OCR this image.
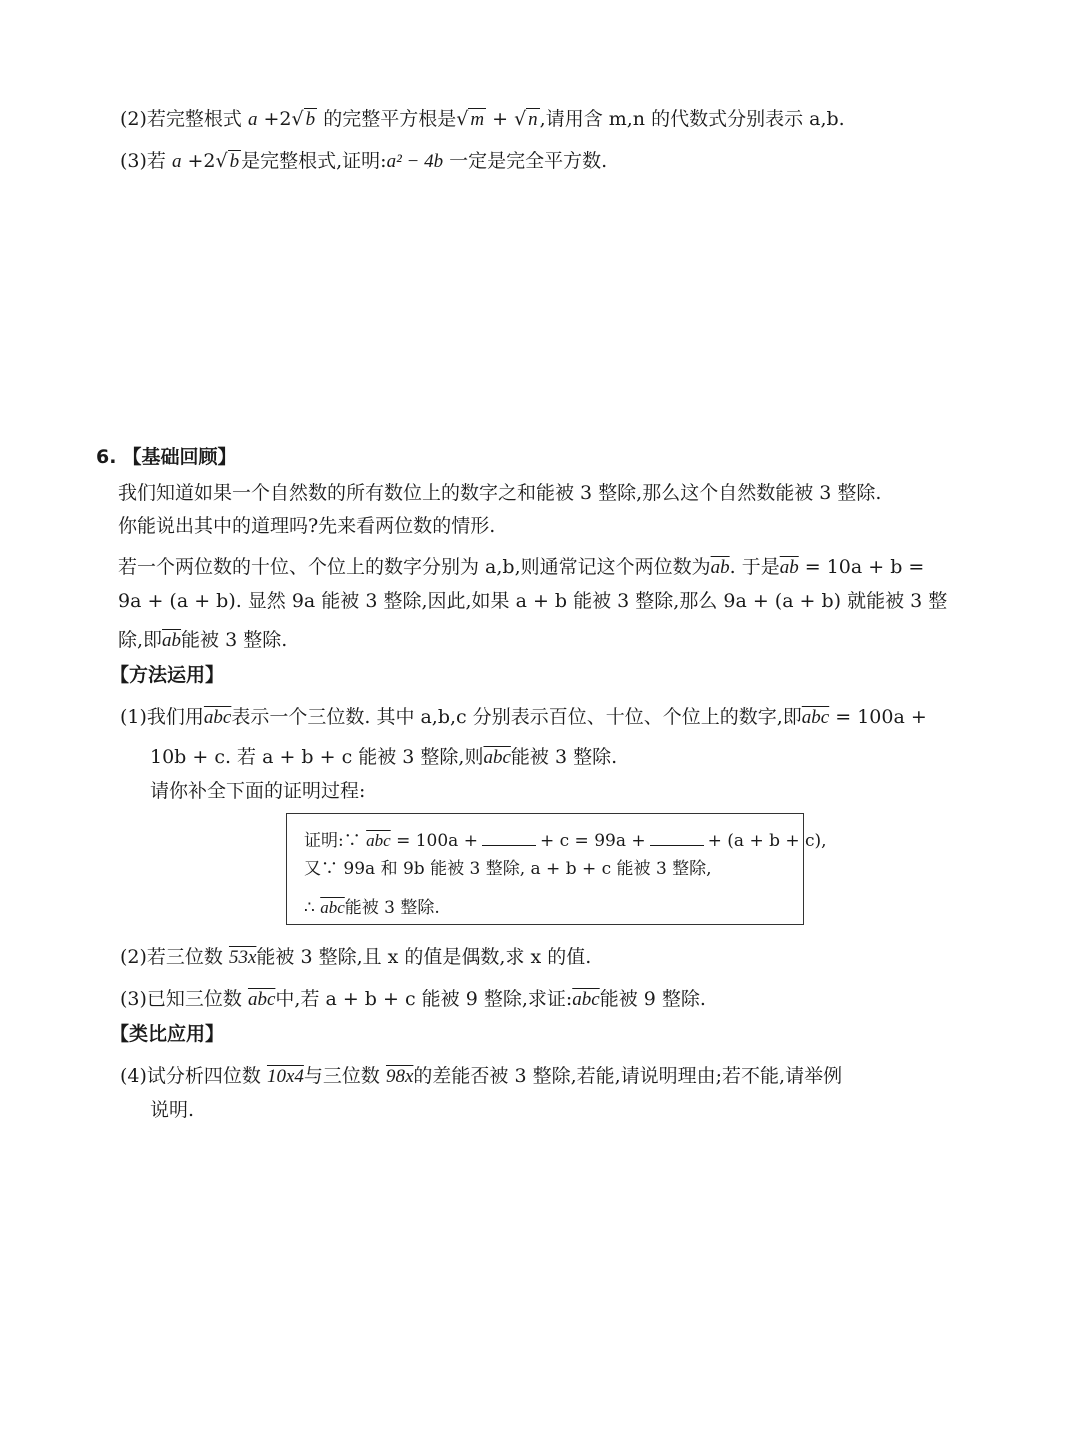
(2)若完整根式 a +2√ b 的完整平方根是√ m + √ n ,请用含 m,n 的代数式分别表示 a,b.
(3)若 a +2√ b 是完整根式,证明:a² − 4b 一定是完全平方数.
6. 【基础回顾】
我们知道如果一个自然数的所有数位上的数字之和能被 3 整除,那么这个自然数能被 3 整除.
你能说出其中的道理吗?先来看两位数的情形.
若一个两位数的十位、个位上的数字分别为 a,b,则通常记这个两位数为$\overline{ab}$. 于是$\overline{ab} = 10a + b$ =
9a + (a + b). 显然 9a 能被 3 整除,因此,如果 a + b 能被 3 整除,那么 9a + (a + b) 就能被 3 整
除,即$\overline{ab}$能被 3 整除.
【方法运用】
(1)我们用$\overline{abc}$表示一个三位数. 其中 a,b,c 分别表示百位、十位、个位上的数字,即$\overline{abc} = 100a$ +
10b + c. 若 a + b + c 能被 3 整除,则$\overline{abc}$能被 3 整除.
请你补全下面的证明过程:
证明:∵ $\overline{abc} = 100a$ +	+ c = 99a +	+ (a + b + c),
又∵ 99a 和 9b 能被 3 整除, a + b + c 能被 3 整除,
∴ $\overline{abc}$能被 3 整除.
(2)若三位数 53x能被 3 整除,且 x 的值是偶数,求 x 的值.
(3)已知三位数 $\overline{abc}$中,若 a + b + c 能被 9 整除,求证$:\overline{abc}$能被 9 整除.
【类比应用】
(4)试分析四位数 10x4与三位数 98x的差能否被 3 整除,若能,请说明理由;若不能,请举例
说明.
